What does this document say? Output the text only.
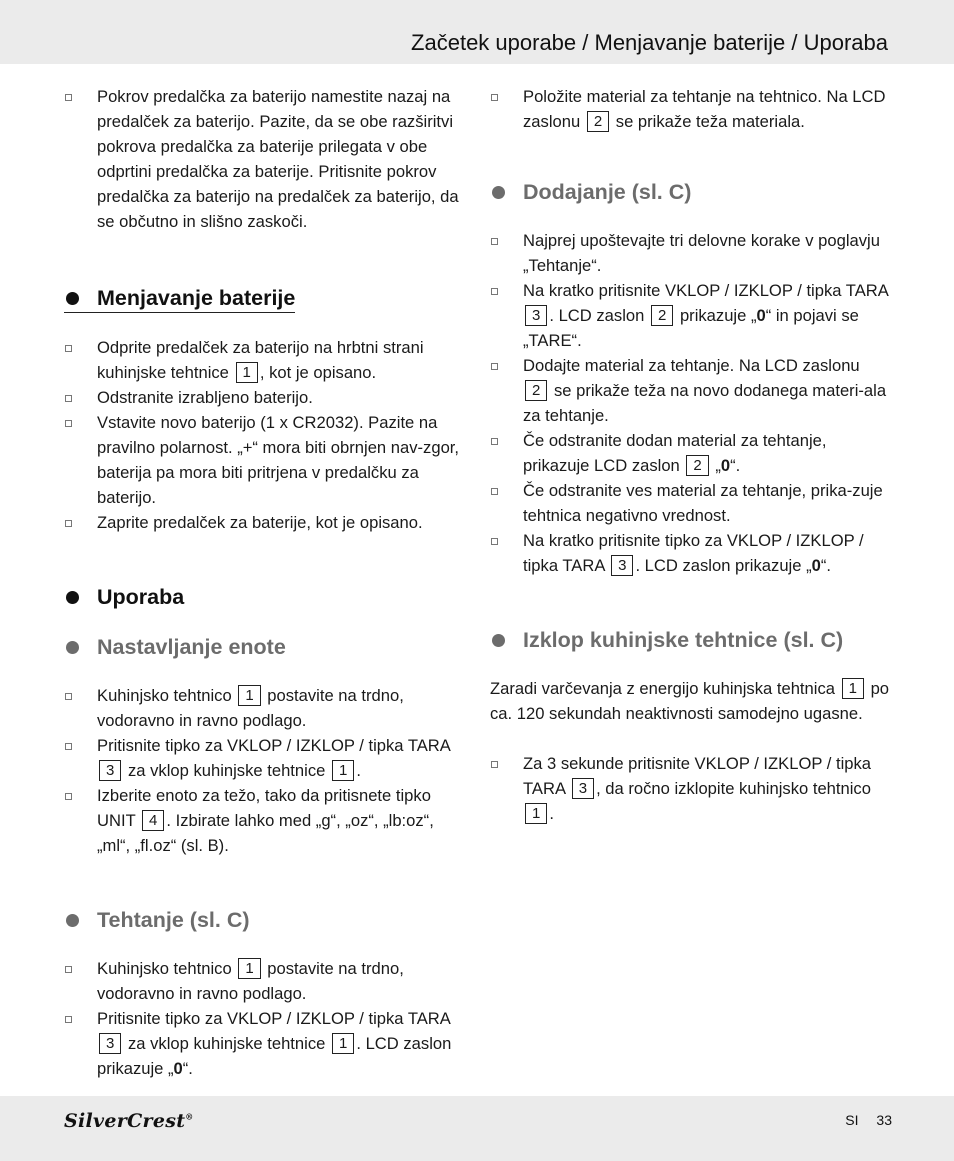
Začetek uporabe / Menjavanje baterije / Uporaba

Pokrov predalčka za baterijo namestite nazaj na predalček za baterijo. Pazite, da se obe razširitvi pokrova predalčka za baterije prilegata v obe odprtini predalčka za baterije. Pritisnite pokrov predalčka za baterijo na predalček za baterijo, da se občutno in slišno zaskoči.

Menjavanje baterije

Odprite predalček za baterijo na hrbtni strani kuhinjske tehtnice 1 , kot je opisano.

Odstranite izrabljeno baterijo.

Vstavite novo baterijo (1 x CR2032). Pazite na pravilno polarnost. „+“ mora biti obrnjen nav-zgor, baterija pa mora biti pritrjena v predalčku za baterijo.

Zaprite predalček za baterije, kot je opisano.

Uporaba
Nastavljanje enote

Kuhinjsko tehtnico 1 postavite na trdno, vodoravno in ravno podlago.

Pritisnite tipko za VKLOP / IZKLOP / tipka TARA 3 za vklop kuhinjske tehtnice 1 .

Izberite enoto za težo, tako da pritisnete tipko UNIT 4 . Izbirate lahko med „g“, „oz“, „lb:oz“, „ml“, „fl.oz“ (sl. B).

Tehtanje (sl. C)

Kuhinjsko tehtnico 1 postavite na trdno, vodoravno in ravno podlago.

Pritisnite tipko za VKLOP / IZKLOP / tipka TARA 3 za vklop kuhinjske tehtnice 1 . LCD zaslon prikazuje „0“.

Položite material za tehtanje na tehtnico. Na LCD zaslonu 2 se prikaže teža materiala.

Dodajanje (sl. C)

Najprej upoštevajte tri delovne korake v poglavju „Tehtanje“.

Na kratko pritisnite VKLOP / IZKLOP / tipka TARA 3 . LCD zaslon 2 prikazuje „0“ in pojavi se „TARE“.

Dodajte material za tehtanje. Na LCD zaslonu 2 se prikaže teža na novo dodanega materi-ala za tehtanje.

Če odstranite dodan material za tehtanje, prikazuje LCD zaslon 2 „0“.

Če odstranite ves material za tehtanje, prika-zuje tehtnica negativno vrednost.

Na kratko pritisnite tipko za VKLOP / IZKLOP / tipka TARA 3 . LCD zaslon prikazuje „0“.

Izklop kuhinjske tehtnice (sl. C)

Zaradi varčevanja z energijo kuhinjska tehtnica 1 po ca. 120 sekundah neaktivnosti samodejno ugasne.

Za 3 sekunde pritisnite VKLOP / IZKLOP / tipka TARA 3 , da ročno izklopite kuhinjsko tehtnico 1 .

SilverCrest®	SI 33
